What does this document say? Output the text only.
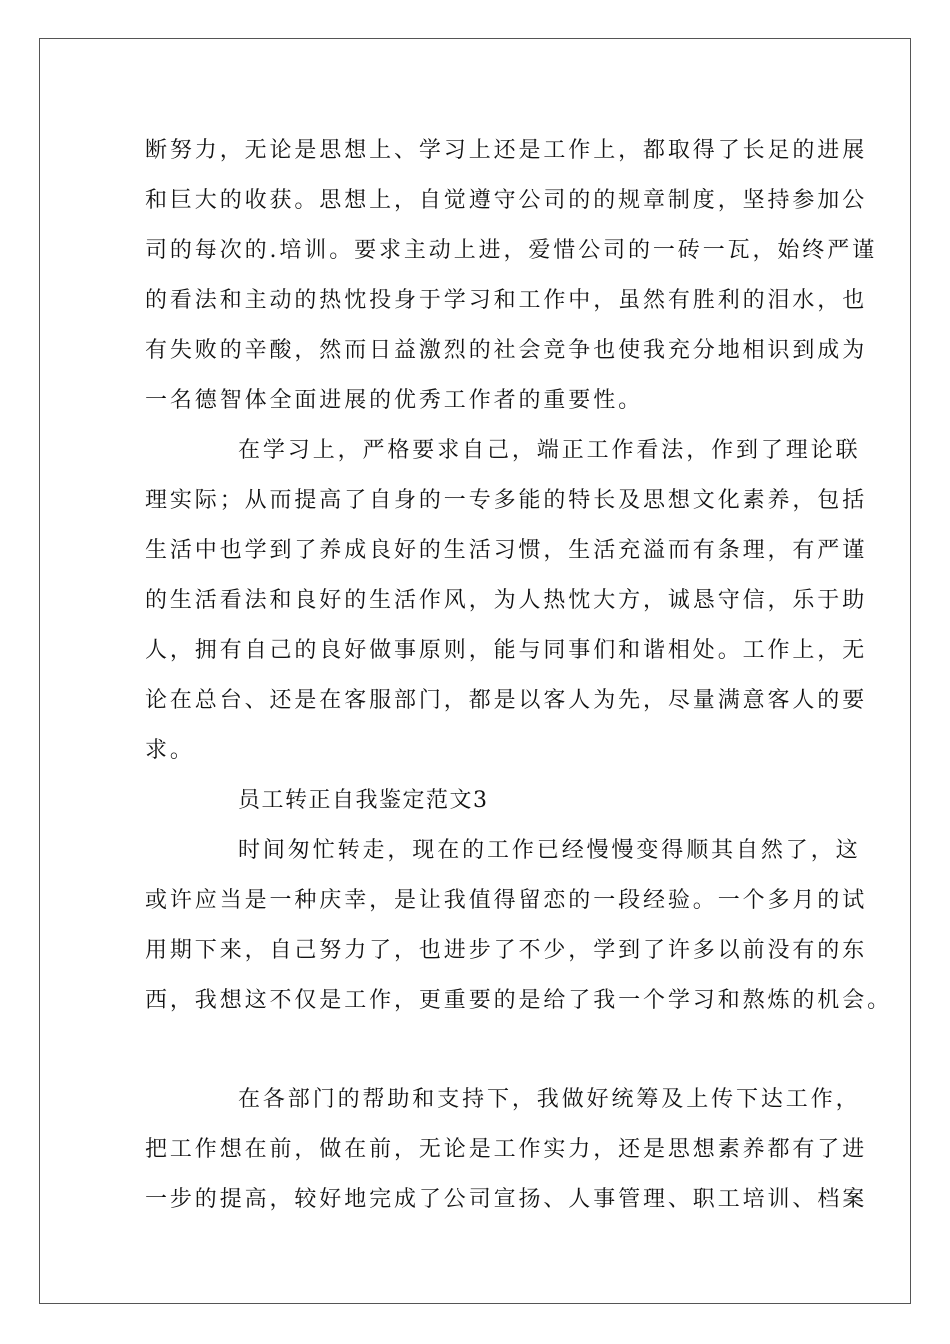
断努力，无论是思想上、学习上还是工作上，都取得了长足的进展
和巨大的收获。思想上，自觉遵守公司的的规章制度，坚持参加公
司的每次的.培训。要求主动上进，爱惜公司的一砖一瓦，始终严谨
的看法和主动的热忱投身于学习和工作中，虽然有胜利的泪水，也
有失败的辛酸，然而日益激烈的社会竞争也使我充分地相识到成为
一名德智体全面进展的优秀工作者的重要性。
在学习上，严格要求自己，端正工作看法，作到了理论联
理实际；从而提高了自身的一专多能的特长及思想文化素养，包括
生活中也学到了养成良好的生活习惯，生活充溢而有条理，有严谨
的生活看法和良好的生活作风，为人热忱大方，诚恳守信，乐于助
人，拥有自己的良好做事原则，能与同事们和谐相处。工作上，无
论在总台、还是在客服部门，都是以客人为先，尽量满意客人的要
求。
员工转正自我鉴定范文3
时间匆忙转走，现在的工作已经慢慢变得顺其自然了，这
或许应当是一种庆幸，是让我值得留恋的一段经验。一个多月的试
用期下来，自己努力了，也进步了不少，学到了许多以前没有的东
西，我想这不仅是工作，更重要的是给了我一个学习和熬炼的机会。
在各部门的帮助和支持下，我做好统筹及上传下达工作，
把工作想在前，做在前，无论是工作实力，还是思想素养都有了进
一步的提高，较好地完成了公司宣扬、人事管理、职工培训、档案
